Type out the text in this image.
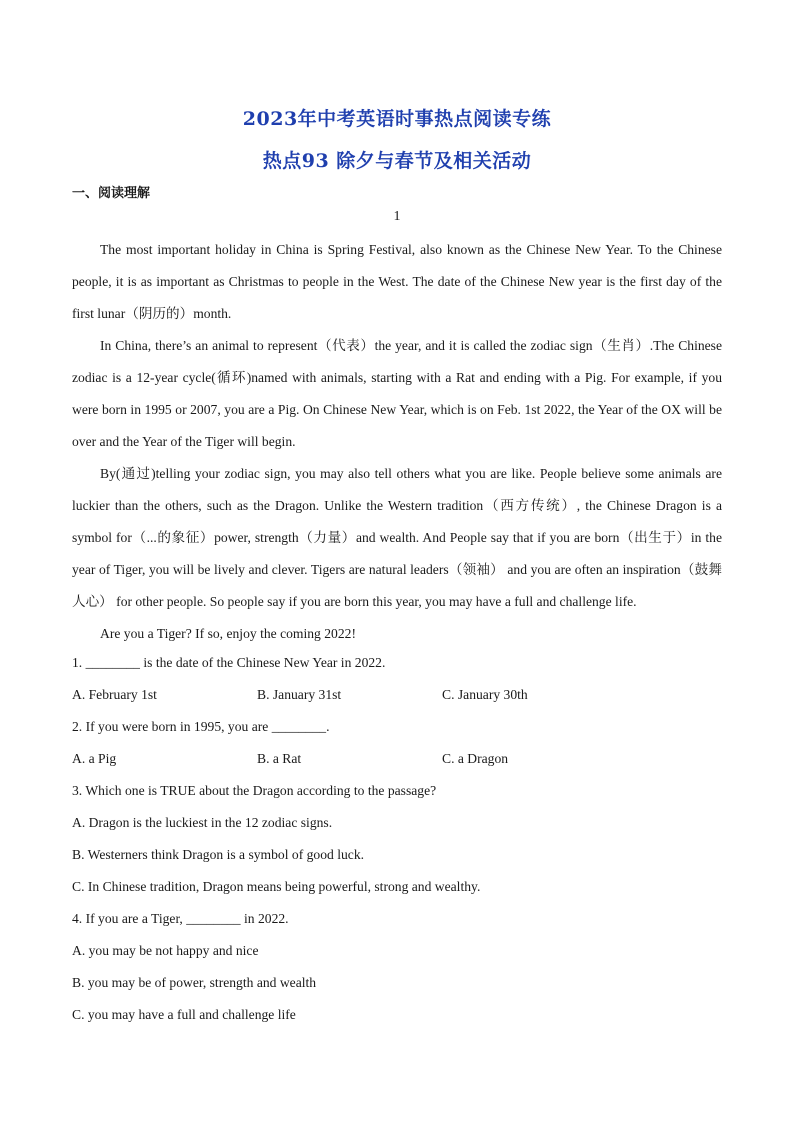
2023年中考英语时事热点阅读专练
热点93 除夕与春节及相关活动
一、阅读理解
1

The most important holiday in China is Spring Festival, also known as the Chinese New Year. To the Chinese people, it is as important as Christmas to people in the West. The date of the Chinese New year is the first day of the first lunar（阴历的）month.

In China, there’s an animal to represent（代表）the year, and it is called the zodiac sign（生肖）.The Chinese zodiac is a 12-year cycle(循环)named with animals, starting with a Rat and ending with a Pig. For example, if you were born in 1995 or 2007, you are a Pig. On Chinese New Year, which is on Feb. 1st 2022, the Year of the OX will be over and the Year of the Tiger will begin.

By(通过)telling your zodiac sign, you may also tell others what you are like. People believe some animals are luckier than the others, such as the Dragon. Unlike the Western tradition（西方传统）, the Chinese Dragon is a symbol for（...的象征）power, strength（力量）and wealth. And People say that if you are born（出生于）in the year of Tiger, you will be lively and clever. Tigers are natural leaders（领袖） and you are often an inspiration（鼓舞人心） for other people. So people say if you are born this year, you may have a full and challenge life.

Are you a Tiger? If so, enjoy the coming 2022!

1. ________ is the date of the Chinese New Year in 2022.

A. February 1st	B. January 31st	C. January 30th

2. If you were born in 1995, you are ________.

A. a Pig	B. a Rat	C. a Dragon

3. Which one is TRUE about the Dragon according to the passage?

A. Dragon is the luckiest in the 12 zodiac signs.
B. Westerners think Dragon is a symbol of good luck.
C. In Chinese tradition, Dragon means being powerful, strong and wealthy.

4. If you are a Tiger, ________ in 2022.

A. you may be not happy and nice
B. you may be of power, strength and wealth
C. you may have a full and challenge life
